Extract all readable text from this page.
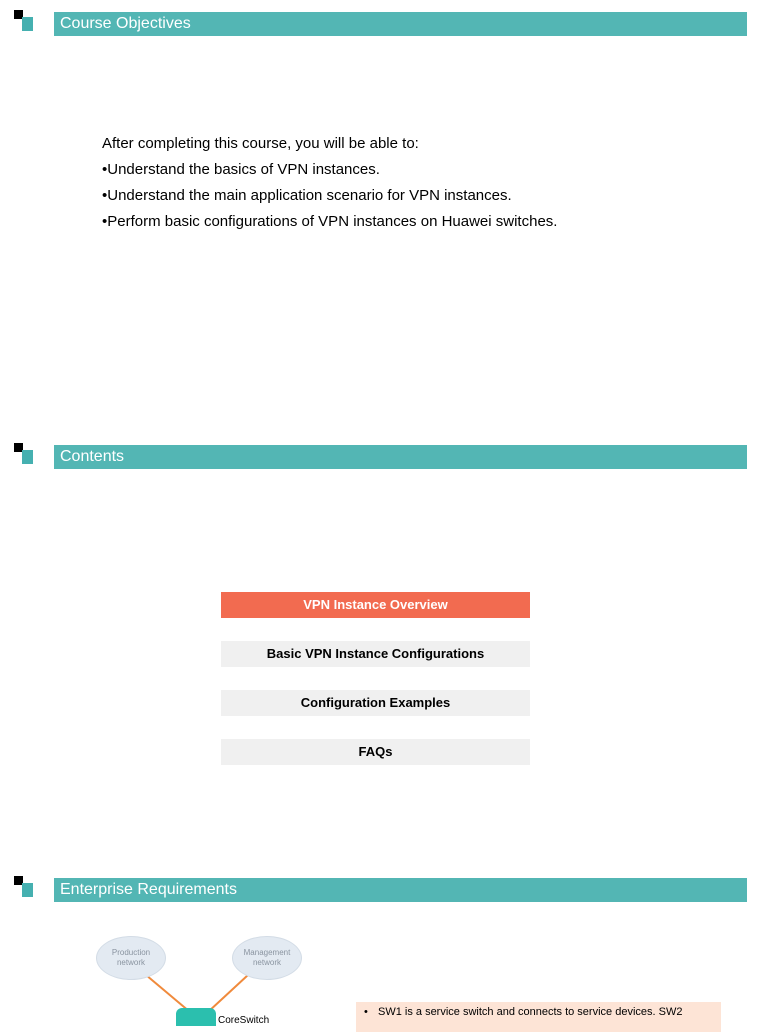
Course Objectives

After completing this course, you will be able to:

•Understand the basics of VPN instances.

•Understand the main application scenario for VPN instances.

•Perform basic configurations of VPN instances on Huawei switches.

Contents
VPN Instance Overview
Basic VPN Instance Configurations
Configuration Examples
FAQs
Enterprise Requirements
Production
network
Management
network
CoreSwitch
• SW1 is a service switch and connects to service devices. SW2
